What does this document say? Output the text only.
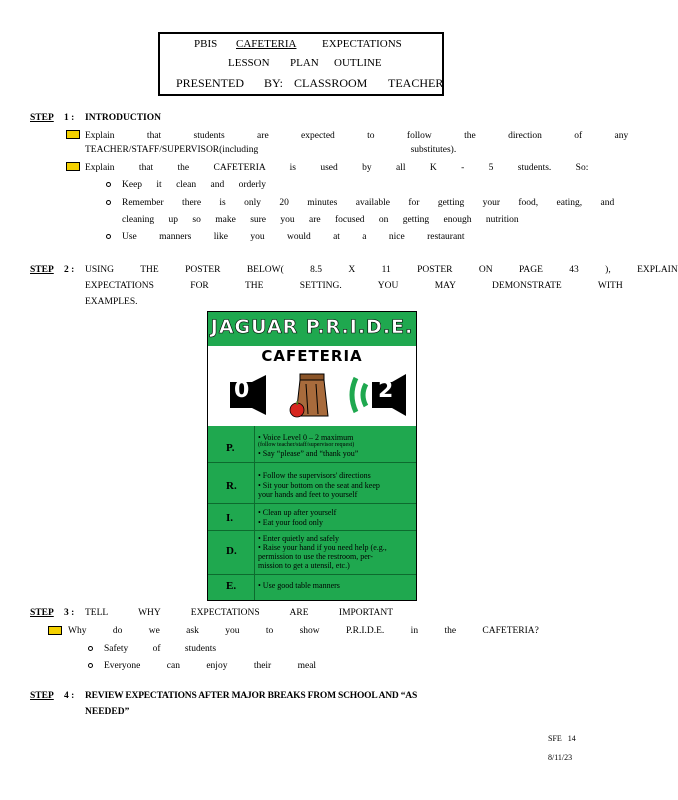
PBIS CAFETERIA EXPECTATIONS
LESSON PLAN OUTLINE
PRESENTED BY: CLASSROOM TEACHER
STEP 1 : INTRODUCTION
Explain that students are expected to follow the direction of any
TEACHER/STAFF/SUPERVISOR(including substitutes).
Explain that the CAFETERIA is used by all K - 5 students. So:
Keep it clean and orderly
Remember there is only 20 minutes available for getting your food, eating, and
cleaning up so make sure you are focused on getting enough nutrition
Use manners like you would at a nice restaurant
STEP 2 : USING THE POSTER BELOW( 8.5 X 11 POSTER ON PAGE 43 ), EXPLAIN
EXPECTATIONS FOR THE SETTING. YOU MAY DEMONSTRATE WITH
EXAMPLES.
JAGUAR P.R.I.D.E.
CAFETERIA
0	2
P.
• Voice Level 0 – 2 maximum
(follow teacher/staff/supervisor request)
• Say “please” and “thank you”
R.
• Follow the supervisors' directions
• Sit your bottom on the seat and keep
your hands and feet to yourself
I.	• Clean up after yourself
• Eat your food only
D.
• Enter quietly and safely
• Raise your hand if you need help (e.g.,
permission to use the restroom, per-
mission to get a utensil, etc.)
E.	• Use good table manners
STEP 3 : TELL WHY EXPECTATIONS ARE IMPORTANT
Why do we ask you to show P.R.I.D.E. in the CAFETERIA?
Safety of students
Everyone can enjoy their meal
STEP 4 : REVIEW EXPECTATIONS AFTER MAJOR BREAKS FROM SCHOOL AND “AS
NEEDED”
SFE 14
8/11/23
